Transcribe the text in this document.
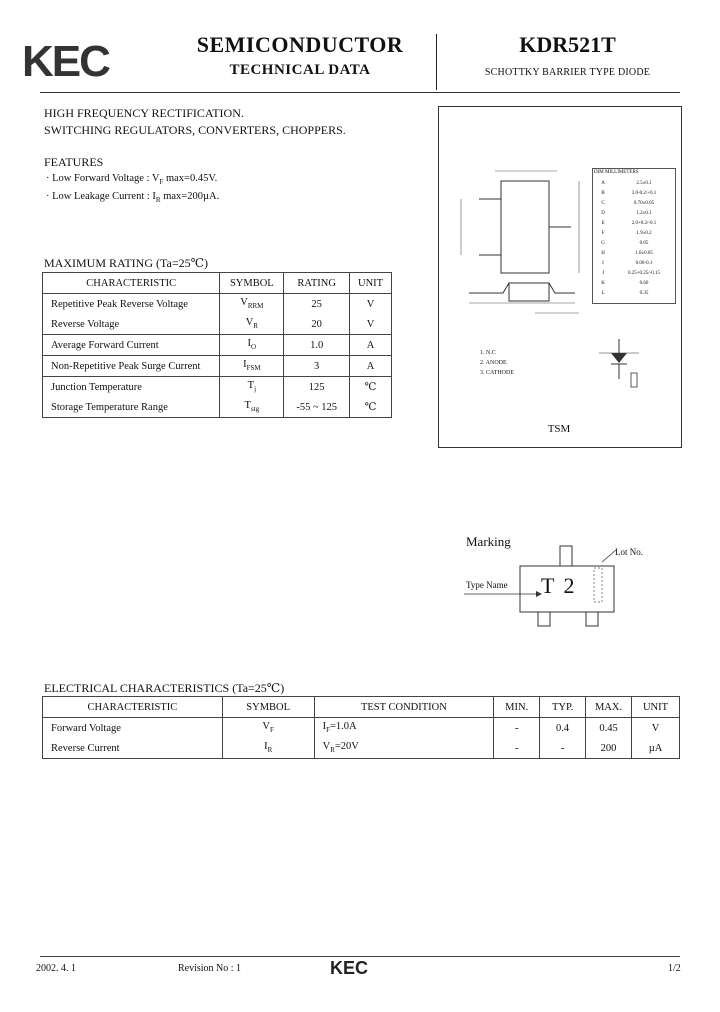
KEC	SEMICONDUCTOR
TECHNICAL DATA
KDR521T
SCHOTTKY BARRIER TYPE DIODE
HIGH FREQUENCY RECTIFICATION.
SWITCHING REGULATORS, CONVERTERS, CHOPPERS.
FEATURES
· Low Forward Voltage : $V_F$ max=0.45V.
· Low Leakage Current : $I_R$ max=200µA.
MAXIMUM RATING (Ta=25℃)
CHARACTERISTIC	SYMBOL	RATING	UNIT
Repetitive Peak Reverse Voltage	$V_{RRM}$	25	V
Reverse Voltage	$V_R$	20	V
Average Forward Current	$I_O$	1.0	A
Non-Repetitive Peak Surge Current	$I_{FSM}$	3	A
Junction Temperature	$T_j$	125	℃
Storage Temperature Range	$T_{stg}$	-55 ~ 125	℃
DIM MILLIMETERS
A	2.5±0.1
B	3.0-0.2/+0.1
C	0.70±0.05
D	1.2±0.1
E	2.0+0.2/-0.1
F	1.9±0.2
G	0.05
H	1.6±0.05
I	0.00-0.1
J	0.25+0.25/-0.15
K	0.60
L	0.35
1. N.C
2. ANODE
3. CATHODE
TSM
Marking
Lot No.
Type Name T 2
ELECTRICAL CHARACTERISTICS (Ta=25℃)
CHARACTERISTIC	SYMBOL	TEST CONDITION	MIN.	TYP.	MAX.	UNIT
Forward Voltage	$V_F$	$I_F=1.0A$	-	0.4	0.45	V
Reverse Current	$I_R$	$V_R=20V$	-	-	200	µA
2002. 4. 1	Revision No : 1	KEC	1/2
